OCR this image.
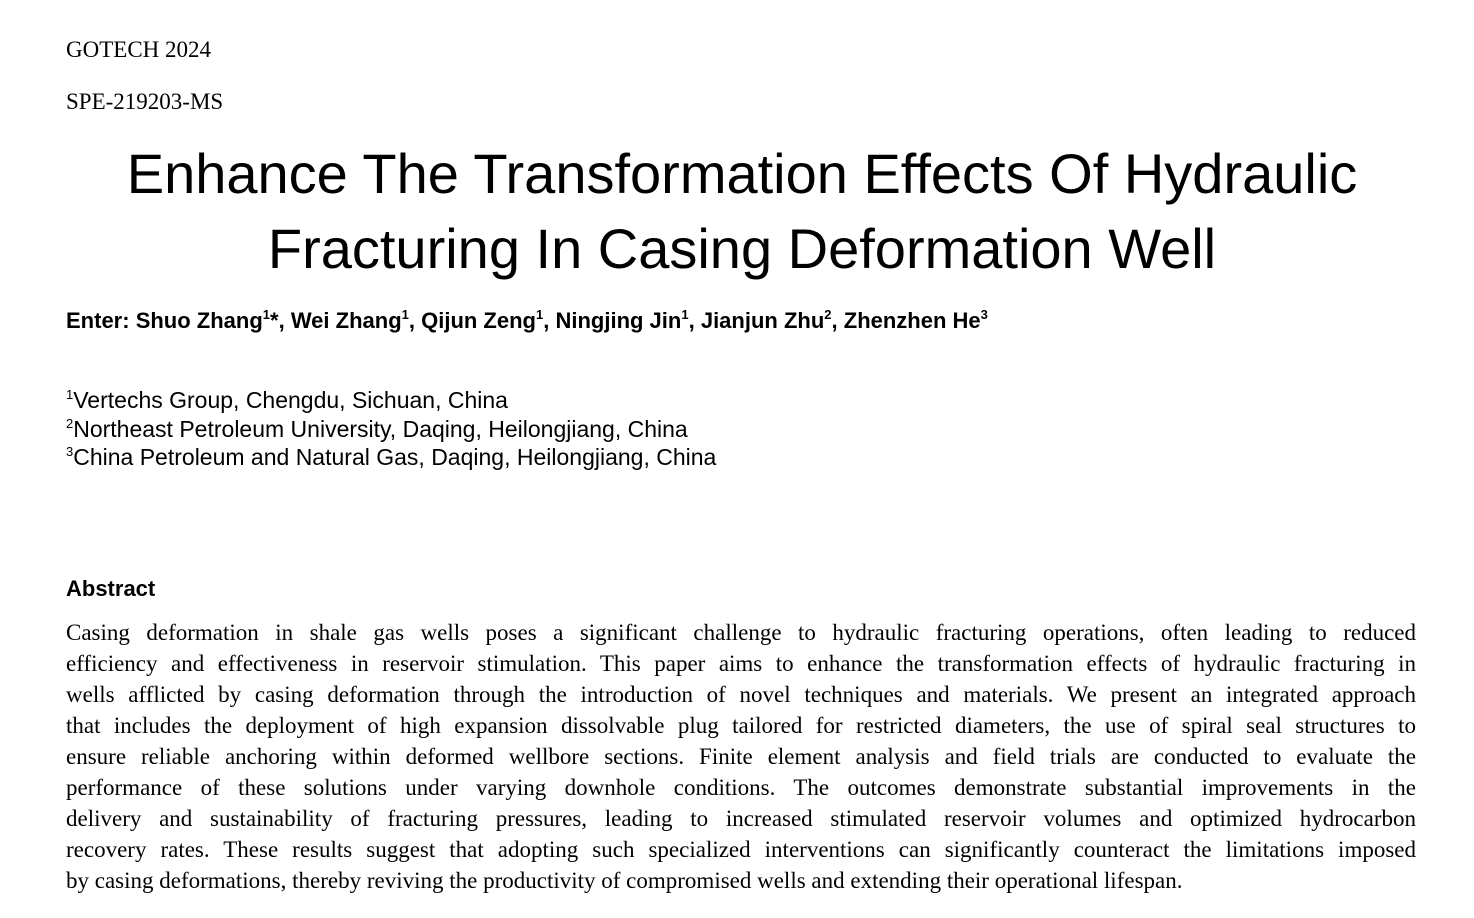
GOTECH 2024
SPE-219203-MS
Enhance The Transformation Effects Of Hydraulic
Fracturing In Casing Deformation Well
Enter: Shuo Zhang$^1$*, Wei Zhang$^1$, Qijun Zeng$^1$, Ningjing Jin$^1$, Jianjun Zhu$^2$, Zhenzhen He$^3$
$^1$Vertechs Group, Chengdu, Sichuan, China
$^2$Northeast Petroleum University, Daqing, Heilongjiang, China
$^3$China Petroleum and Natural Gas, Daqing, Heilongjiang, China
Abstract
Casing deformation in shale gas wells poses a significant challenge to hydraulic fracturing operations, often leading to reduced
efficiency and effectiveness in reservoir stimulation. This paper aims to enhance the transformation effects of hydraulic fracturing in
wells afflicted by casing deformation through the introduction of novel techniques and materials. We present an integrated approach
that includes the deployment of high expansion dissolvable plug tailored for restricted diameters, the use of spiral seal structures to
ensure reliable anchoring within deformed wellbore sections. Finite element analysis and field trials are conducted to evaluate the
performance of these solutions under varying downhole conditions. The outcomes demonstrate substantial improvements in the
delivery and sustainability of fracturing pressures, leading to increased stimulated reservoir volumes and optimized hydrocarbon
recovery rates. These results suggest that adopting such specialized interventions can significantly counteract the limitations imposed
by casing deformations, thereby reviving the productivity of compromised wells and extending their operational lifespan.
